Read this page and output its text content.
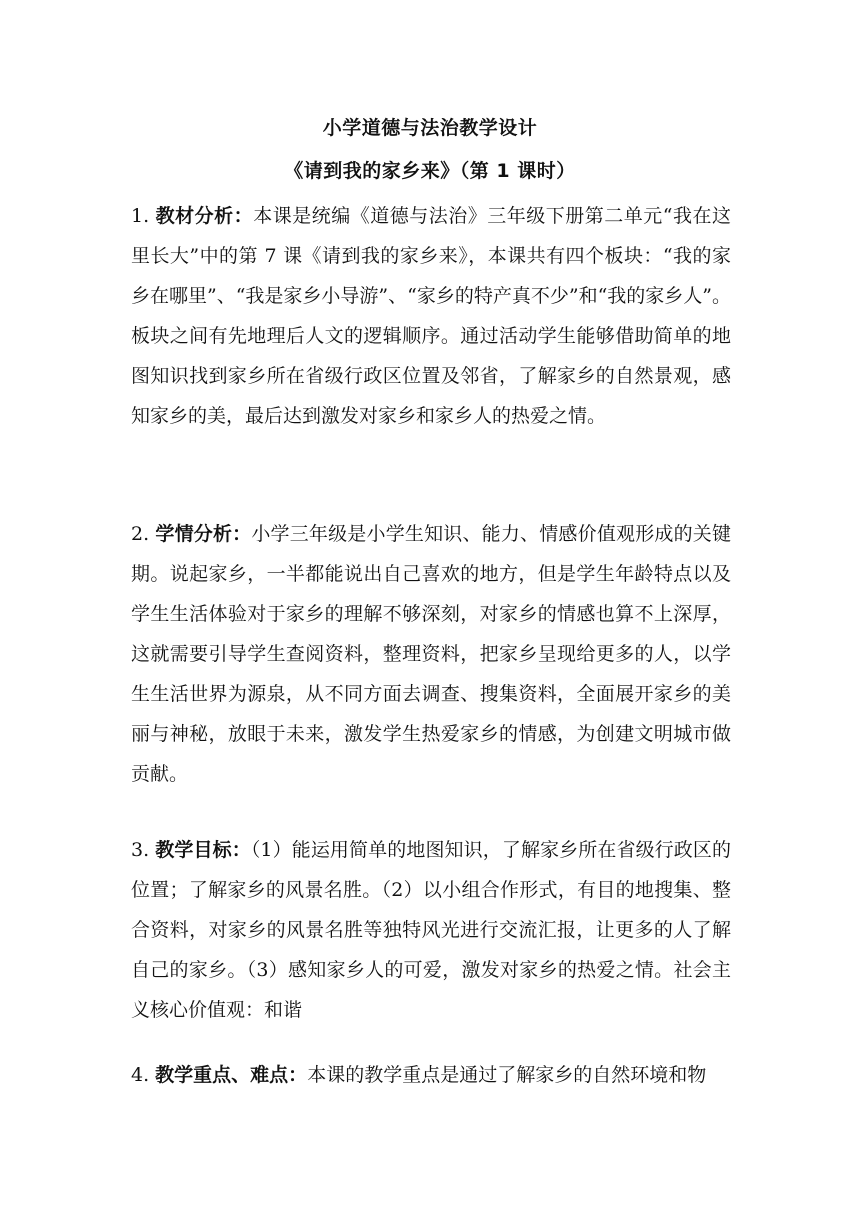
小学道德与法治教学设计
《请到我的家乡来》（第 1 课时）
1. 教材分析：本课是统编《道德与法治》三年级下册第二单元“我在这里长大”中的第 7 课《请到我的家乡来》，本课共有四个板块：“我的家乡在哪里”、“我是家乡小导游”、“家乡的特产真不少”和“我的家乡人”。板块之间有先地理后人文的逻辑顺序。通过活动学生能够借助简单的地图知识找到家乡所在省级行政区位置及邻省，了解家乡的自然景观，感知家乡的美，最后达到激发对家乡和家乡人的热爱之情。
2. 学情分析：小学三年级是小学生知识、能力、情感价值观形成的关键期。说起家乡，一半都能说出自己喜欢的地方，但是学生年龄特点以及学生生活体验对于家乡的理解不够深刻，对家乡的情感也算不上深厚，这就需要引导学生查阅资料，整理资料，把家乡呈现给更多的人，以学生生活世界为源泉，从不同方面去调查、搜集资料，全面展开家乡的美丽与神秘，放眼于未来，激发学生热爱家乡的情感，为创建文明城市做贡献。
3. 教学目标：（1）能运用简单的地图知识，了解家乡所在省级行政区的位置；了解家乡的风景名胜。（2）以小组合作形式，有目的地搜集、整合资料，对家乡的风景名胜等独特风光进行交流汇报，让更多的人了解自己的家乡。（3）感知家乡人的可爱，激发对家乡的热爱之情。社会主义核心价值观：和谐
4. 教学重点、难点：本课的教学重点是通过了解家乡的自然环境和物
